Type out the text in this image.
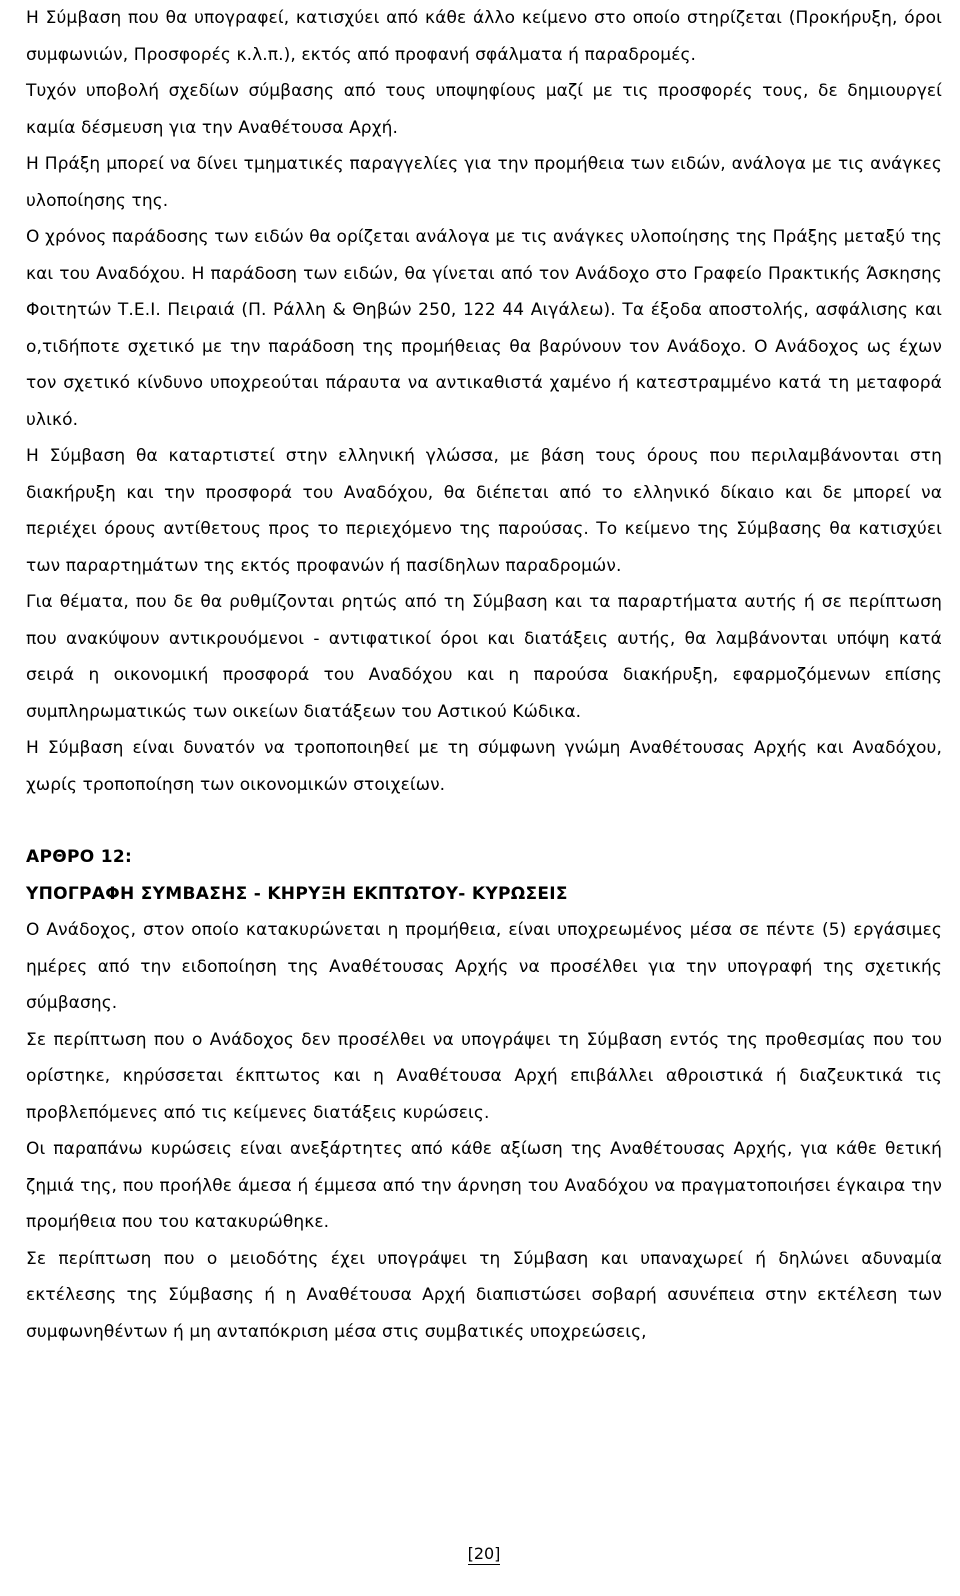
Η Σύμβαση που θα υπογραφεί, κατισχύει από κάθε άλλο κείμενο στο οποίο στηρίζεται (Προκήρυξη, όροι συμφωνιών, Προσφορές κ.λ.π.), εκτός από προφανή σφάλματα ή παραδρομές.

Τυχόν υποβολή σχεδίων σύμβασης από τους υποψηφίους μαζί με τις προσφορές τους, δε δημιουργεί καμία δέσμευση για την Αναθέτουσα Αρχή.

Η Πράξη μπορεί να δίνει τμηματικές παραγγελίες για την προμήθεια των ειδών, ανάλογα με τις ανάγκες υλοποίησης της.

Ο χρόνος παράδοσης των ειδών θα ορίζεται ανάλογα με τις ανάγκες υλοποίησης της Πράξης μεταξύ της και του Αναδόχου. Η παράδοση των ειδών, θα γίνεται από τον Ανάδοχο στο Γραφείο Πρακτικής Άσκησης Φοιτητών Τ.Ε.Ι. Πειραιά (Π. Ράλλη & Θηβών 250, 122 44 Αιγάλεω). Τα έξοδα αποστολής, ασφάλισης και ο,τιδήποτε σχετικό με την παράδοση της προμήθειας θα βαρύνουν τον Ανάδοχο. Ο Ανάδοχος ως έχων τον σχετικό κίνδυνο υποχρεούται πάραυτα να αντικαθιστά χαμένο ή κατεστραμμένο κατά τη μεταφορά υλικό.

Η Σύμβαση θα καταρτιστεί στην ελληνική γλώσσα, με βάση τους όρους που περιλαμβάνονται στη διακήρυξη και την προσφορά του Αναδόχου, θα διέπεται από το ελληνικό δίκαιο και δε μπορεί να περιέχει όρους αντίθετους προς το περιεχόμενο της παρούσας. Το κείμενο της Σύμβασης θα κατισχύει των παραρτημάτων της εκτός προφανών ή πασίδηλων παραδρομών.

Για θέματα, που δε θα ρυθμίζονται ρητώς από τη Σύμβαση και τα παραρτήματα αυτής ή σε περίπτωση που ανακύψουν αντικρουόμενοι - αντιφατικοί όροι και διατάξεις αυτής, θα λαμβάνονται υπόψη κατά σειρά η οικονομική προσφορά του Αναδόχου και η παρούσα διακήρυξη, εφαρμοζόμενων επίσης συμπληρωματικώς των οικείων διατάξεων του Αστικού Κώδικα.

Η Σύμβαση είναι δυνατόν να τροποποιηθεί με τη σύμφωνη γνώμη Αναθέτουσας Αρχής και Αναδόχου, χωρίς τροποποίηση των οικονομικών στοιχείων.

ΑΡΘΡΟ 12:

ΥΠΟΓΡΑΦΗ ΣΥΜΒΑΣΗΣ - ΚΗΡΥΞΗ ΕΚΠΤΩΤΟΥ- ΚΥΡΩΣΕΙΣ

Ο Ανάδοχος, στον οποίο κατακυρώνεται η προμήθεια, είναι υποχρεωμένος μέσα σε πέντε (5) εργάσιμες ημέρες από την ειδοποίηση της Αναθέτουσας Αρχής να προσέλθει για την υπογραφή της σχετικής σύμβασης.

Σε περίπτωση που ο Ανάδοχος δεν προσέλθει να υπογράψει τη Σύμβαση εντός της προθεσμίας που του ορίστηκε, κηρύσσεται έκπτωτος και η Αναθέτουσα Αρχή επιβάλλει αθροιστικά ή διαζευκτικά τις προβλεπόμενες από τις κείμενες διατάξεις κυρώσεις.

Οι παραπάνω κυρώσεις είναι ανεξάρτητες από κάθε αξίωση της Αναθέτουσας Αρχής, για κάθε θετική ζημιά της, που προήλθε άμεσα ή έμμεσα από την άρνηση του Αναδόχου να πραγματοποιήσει έγκαιρα την προμήθεια που του κατακυρώθηκε.

Σε περίπτωση που ο μειοδότης έχει υπογράψει τη Σύμβαση και υπαναχωρεί ή δηλώνει αδυναμία εκτέλεσης της Σύμβασης ή η Αναθέτουσα Αρχή διαπιστώσει σοβαρή ασυνέπεια στην εκτέλεση των συμφωνηθέντων ή μη ανταπόκριση μέσα στις συμβατικές υποχρεώσεις,

[20]
